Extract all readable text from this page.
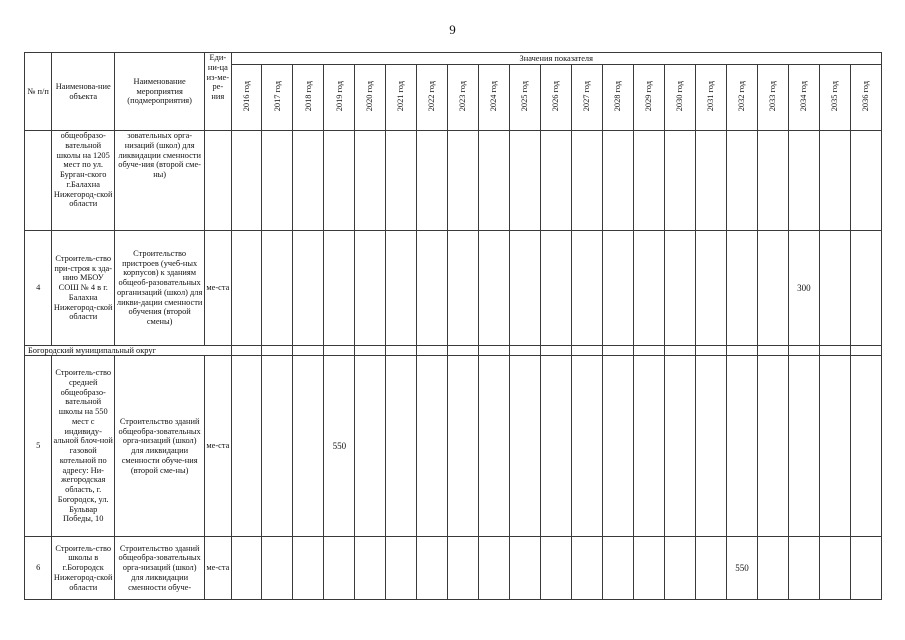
9
№ п/п	Наименова-ние объекта	Наименование мероприятия (подмероприятия)	Еди-ни-ца из-ме-ре-ния	Значения показателя																				
				2016 год	2017 год	2018 год	2019 год	2020 год	2021 год	2022 год	2023 год	2024 год	2025 год	2026 год	2027 год	2028 год	2029 год	2030 год	2031 год	2032 год	2033 год	2034 год	2035 год	2036 год
	общеобразо-вательной школы на 1205 мест по ул. Бурган-ского г.Балахна Нижегород-ской области	зовательных орга-низаций (школ) для ликвидации сменности обуче-ния (второй сме-ны)																						
4	Строитель-ство при-строя к зда-нию МБОУ СОШ № 4 в г. Балахна Нижегород-ской области	Строительство пристроев (учеб-ных корпусов) к зданиям общеоб-разовательных организаций (школ) для ликви-дации сменности обучения (второй смены)	ме-ста																			300		
Богородский муниципальный округ																								
5	Строитель-ство средней общеобразо-вательной школы на 550 мест с индивиду-альной блоч-ной газовой котельной по адресу: Ни-жегородская область, г. Богородск, ул. Бульвар Победы, 10	Строительство зданий общеобра-зовательных орга-низаций (школ) для ликвидации сменности обуче-ния (второй сме-ны)	ме-ста				550																	
6	Строитель-ство школы в г.Богородск Нижегород-ской области	Строительство зданий общеобра-зовательных орга-низаций (школ) для ликвидации сменности обуче-	ме-ста																	550				
